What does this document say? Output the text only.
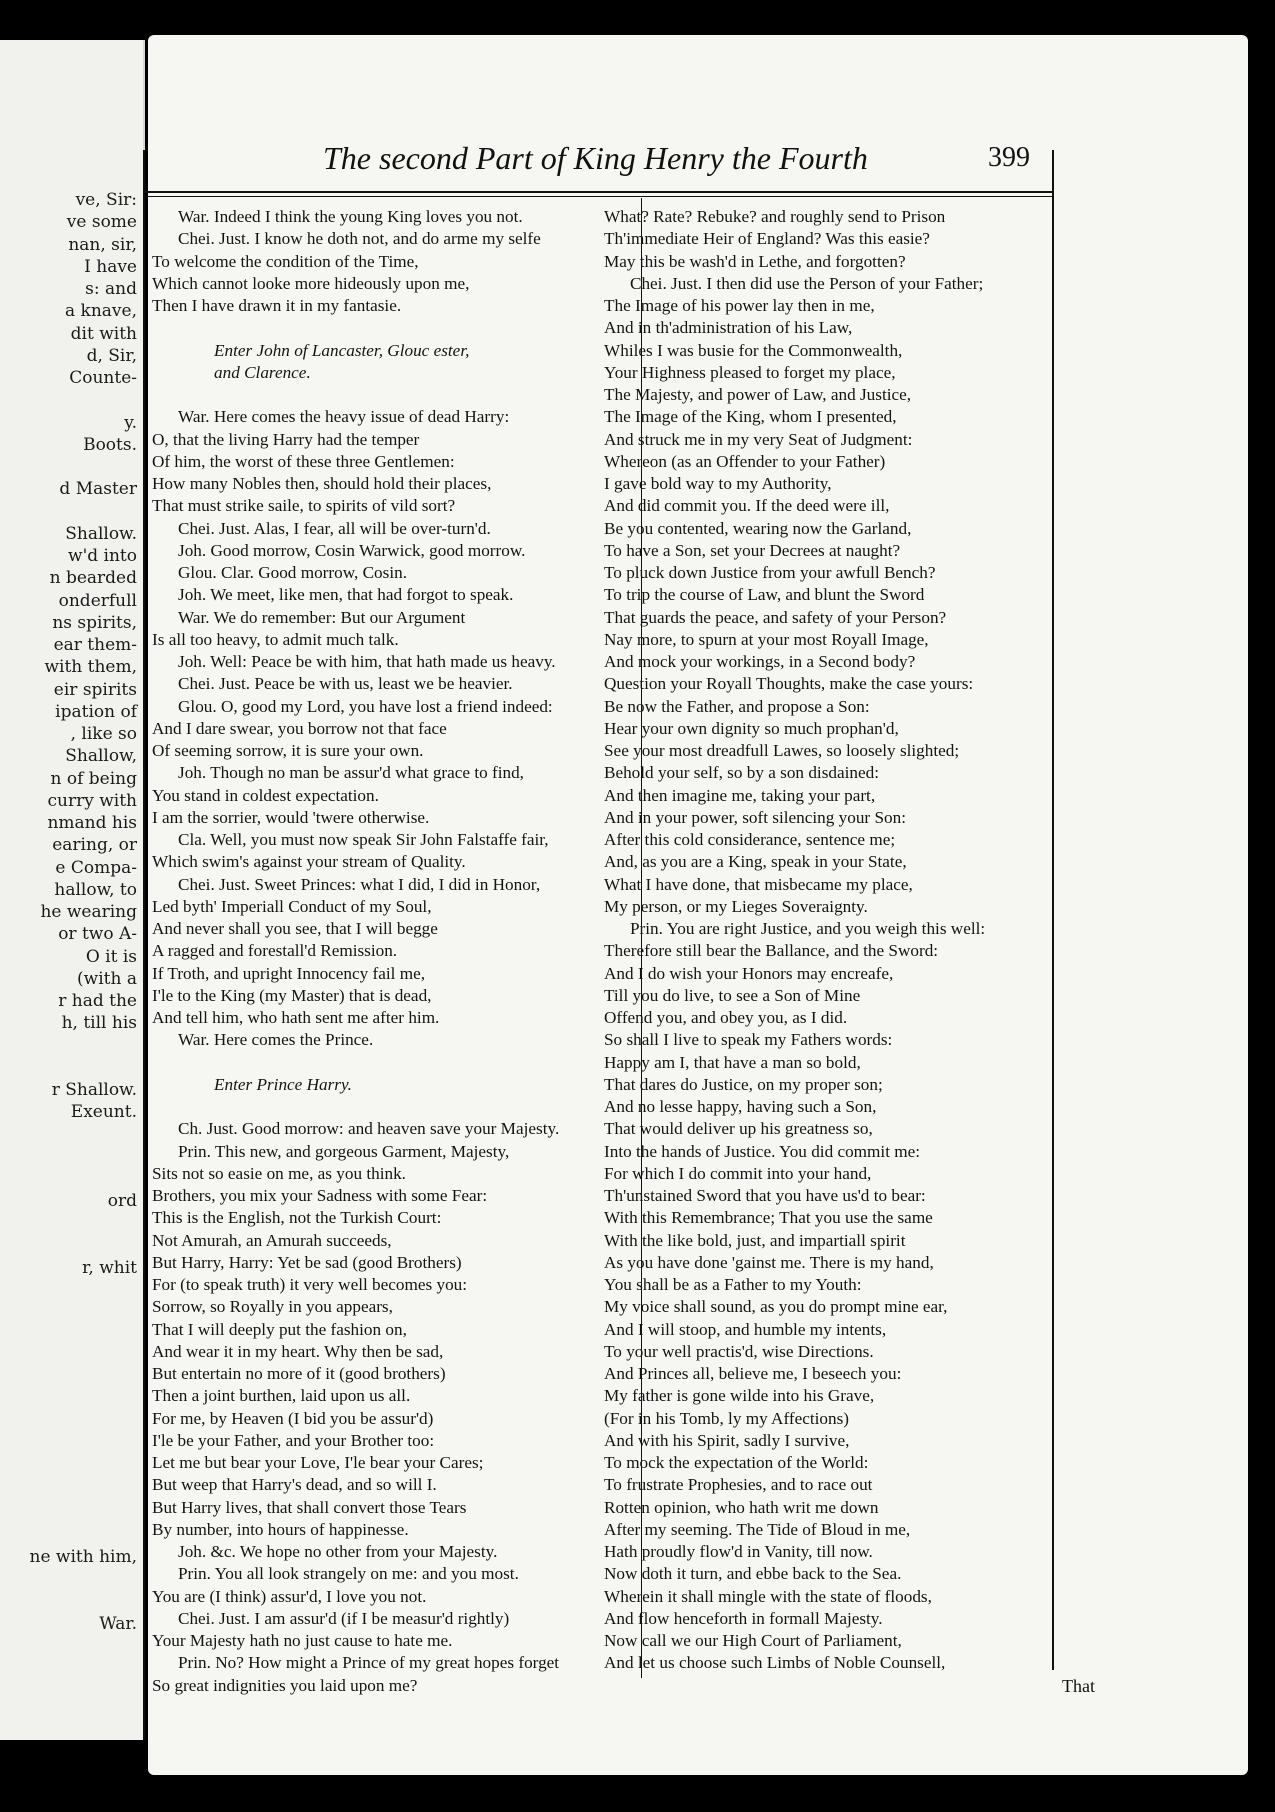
ve, Sir:
ve some
nan, sir,
I have
s: and
a knave,
dit with
d, Sir,
Counte-
y.
Boots.
d Master
Shallow.
w'd into
n bearded
onderfull
ns spirits,
ear them-
with them,
eir spirits
ipation of
, like so
Shallow,
n of being
curry with
nmand his
earing, or
e Compa-
hallow, to
he wearing
or two A-
O it is
(with a
r had the
h, till his
r Shallow.
Exeunt.
ord
r, whit
ne with him,
War.
The second Part of King Henry the Fourth	399
War. Indeed I think the young King loves you not.
Chei. Just. I know he doth not, and do arme my selfe
To welcome the condition of the Time,
Which cannot looke more hideously upon me,
Then I have drawn it in my fantasie.
Enter John of Lancaster, Glouc ester,
and Clarence.
War. Here comes the heavy issue of dead Harry:
O, that the living Harry had the temper
Of him, the worst of these three Gentlemen:
How many Nobles then, should hold their places,
That must strike saile, to spirits of vild sort?
Chei. Just. Alas, I fear, all will be over-turn'd.
Joh. Good morrow, Cosin Warwick, good morrow.
Glou. Clar. Good morrow, Cosin.
Joh. We meet, like men, that had forgot to speak.
War. We do remember: But our Argument
Is all too heavy, to admit much talk.
Joh. Well: Peace be with him, that hath made us heavy.
Chei. Just. Peace be with us, least we be heavier.
Glou. O, good my Lord, you have lost a friend indeed:
And I dare swear, you borrow not that face
Of seeming sorrow, it is sure your own.
Joh. Though no man be assur'd what grace to find,
You stand in coldest expectation.
I am the sorrier, would 'twere otherwise.
Cla. Well, you must now speak Sir John Falstaffe fair,
Which swim's against your stream of Quality.
Chei. Just. Sweet Princes: what I did, I did in Honor,
Led byth' Imperiall Conduct of my Soul,
And never shall you see, that I will begge
A ragged and forestall'd Remission.
If Troth, and upright Innocency fail me,
I'le to the King (my Master) that is dead,
And tell him, who hath sent me after him.
War. Here comes the Prince.
Enter Prince Harry.
Ch. Just. Good morrow: and heaven save your Majesty.
Prin. This new, and gorgeous Garment, Majesty,
Sits not so easie on me, as you think.
Brothers, you mix your Sadness with some Fear:
This is the English, not the Turkish Court:
Not Amurah, an Amurah succeeds,
But Harry, Harry: Yet be sad (good Brothers)
For (to speak truth) it very well becomes you:
Sorrow, so Royally in you appears,
That I will deeply put the fashion on,
And wear it in my heart. Why then be sad,
But entertain no more of it (good brothers)
Then a joint burthen, laid upon us all.
For me, by Heaven (I bid you be assur'd)
I'le be your Father, and your Brother too:
Let me but bear your Love, I'le bear your Cares;
But weep that Harry's dead, and so will I.
But Harry lives, that shall convert those Tears
By number, into hours of happinesse.
Joh. &c. We hope no other from your Majesty.
Prin. You all look strangely on me: and you most.
You are (I think) assur'd, I love you not.
Chei. Just. I am assur'd (if I be measur'd rightly)
Your Majesty hath no just cause to hate me.
Prin. No? How might a Prince of my great hopes forget
So great indignities you laid upon me?
What? Rate? Rebuke? and roughly send to Prison
Th'immediate Heir of England? Was this easie?
May this be wash'd in Lethe, and forgotten?
Chei. Just. I then did use the Person of your Father;
The Image of his power lay then in me,
And in th'administration of his Law,
Whiles I was busie for the Commonwealth,
Your Highness pleased to forget my place,
The Majesty, and power of Law, and Justice,
The Image of the King, whom I presented,
And struck me in my very Seat of Judgment:
Whereon (as an Offender to your Father)
I gave bold way to my Authority,
And did commit you. If the deed were ill,
Be you contented, wearing now the Garland,
To have a Son, set your Decrees at naught?
To pluck down Justice from your awfull Bench?
To trip the course of Law, and blunt the Sword
That guards the peace, and safety of your Person?
Nay more, to spurn at your most Royall Image,
And mock your workings, in a Second body?
Question your Royall Thoughts, make the case yours:
Be now the Father, and propose a Son:
Hear your own dignity so much prophan'd,
See your most dreadfull Lawes, so loosely slighted;
Behold your self, so by a son disdained:
And then imagine me, taking your part,
And in your power, soft silencing your Son:
After this cold considerance, sentence me;
And, as you are a King, speak in your State,
What I have done, that misbecame my place,
My person, or my Lieges Soveraignty.
Prin. You are right Justice, and you weigh this well:
Therefore still bear the Ballance, and the Sword:
And I do wish your Honors may encreafe,
Till you do live, to see a Son of Mine
Offend you, and obey you, as I did.
So shall I live to speak my Fathers words:
Happy am I, that have a man so bold,
That dares do Justice, on my proper son;
And no lesse happy, having such a Son,
That would deliver up his greatness so,
Into the hands of Justice. You did commit me:
For which I do commit into your hand,
Th'unstained Sword that you have us'd to bear:
With this Remembrance; That you use the same
With the like bold, just, and impartiall spirit
As you have done 'gainst me. There is my hand,
You shall be as a Father to my Youth:
My voice shall sound, as you do prompt mine ear,
And I will stoop, and humble my intents,
To your well practis'd, wise Directions.
And Princes all, believe me, I beseech you:
My father is gone wilde into his Grave,
(For in his Tomb, ly my Affections)
And with his Spirit, sadly I survive,
To mock the expectation of the World:
To frustrate Prophesies, and to race out
Rotten opinion, who hath writ me down
After my seeming. The Tide of Bloud in me,
Hath proudly flow'd in Vanity, till now.
Now doth it turn, and ebbe back to the Sea.
Wherein it shall mingle with the state of floods,
And flow henceforth in formall Majesty.
Now call we our High Court of Parliament,
And let us choose such Limbs of Noble Counsell,
That
